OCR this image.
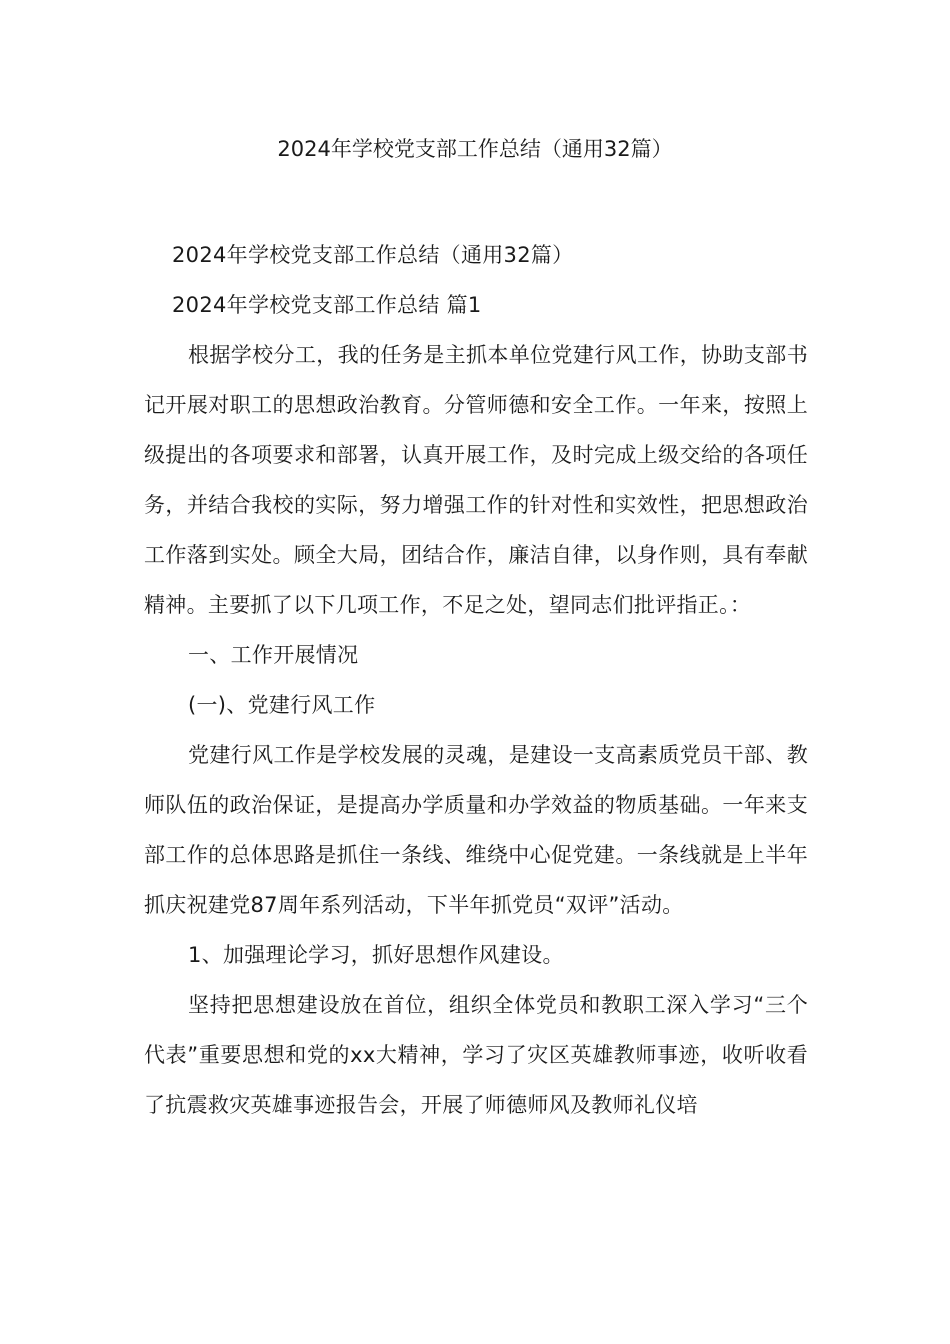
2024年学校党支部工作总结（通用32篇）

2024年学校党支部工作总结（通用32篇）

2024年学校党支部工作总结 篇1

根据学校分工，我的任务是主抓本单位党建行风工作，协助支部书记开展对职工的思想政治教育。分管师德和安全工作。一年来，按照上级提出的各项要求和部署，认真开展工作，及时完成上级交给的各项任务，并结合我校的实际，努力增强工作的针对性和实效性，把思想政治工作落到实处。顾全大局，团结合作，廉洁自律，以身作则，具有奉献精神。主要抓了以下几项工作，不足之处，望同志们批评指正。：

一、工作开展情况

(一)、党建行风工作

党建行风工作是学校发展的灵魂，是建设一支高素质党员干部、教师队伍的政治保证，是提高办学质量和办学效益的物质基础。一年来支部工作的总体思路是抓住一条线、维绕中心促党建。一条线就是上半年抓庆祝建党87周年系列活动，下半年抓党员“双评”活动。

1、加强理论学习，抓好思想作风建设。

坚持把思想建设放在首位，组织全体党员和教职工深入学习“三个代表”重要思想和党的xx大精神，学习了灾区英雄教师事迹，收听收看了抗震救灾英雄事迹报告会，开展了师德师风及教师礼仪培
